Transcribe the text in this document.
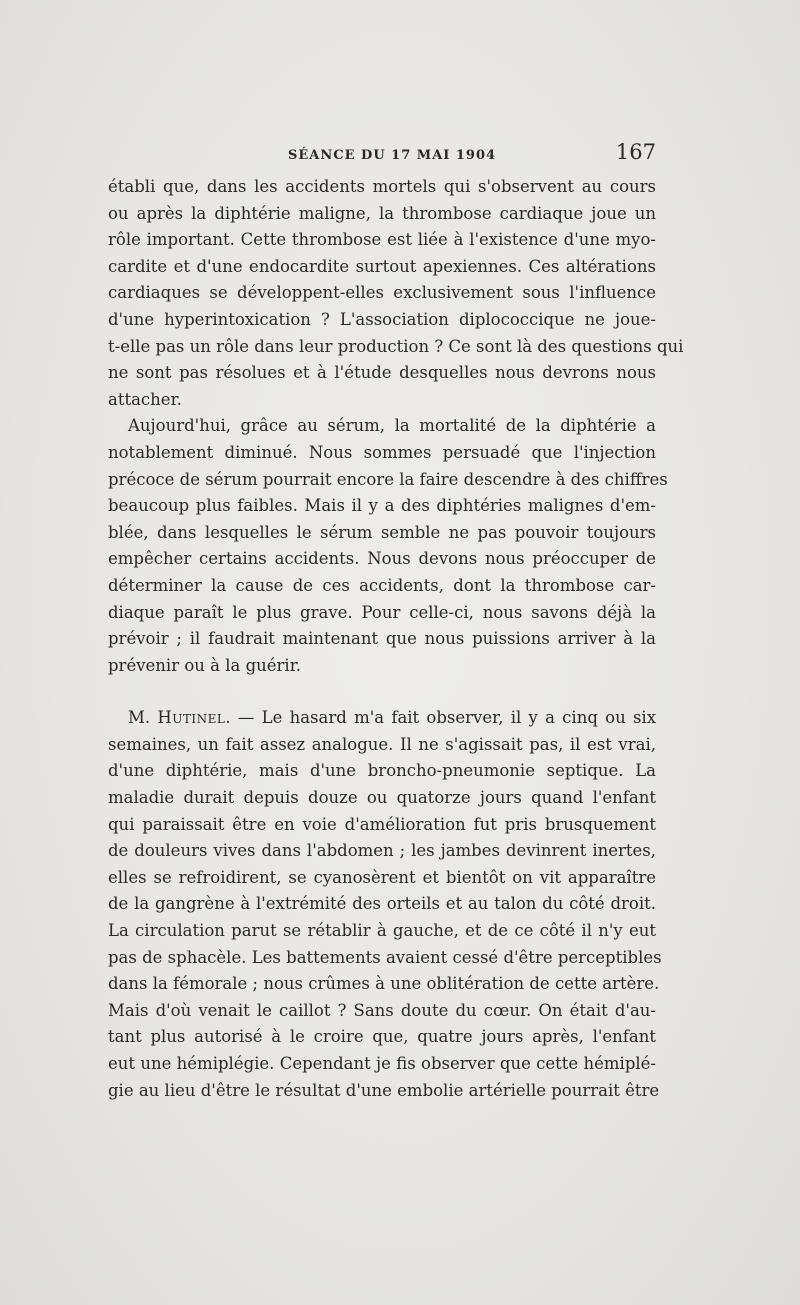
SÉANCE DU 17 MAI 1904	167
établi que, dans les accidents mortels qui s'observent au cours
ou après la diphtérie maligne, la thrombose cardiaque joue un
rôle important. Cette thrombose est liée à l'existence d'une myo-
cardite et d'une endocardite surtout apexiennes. Ces altérations
cardiaques se développent-elles exclusivement sous l'influence
d'une hyperintoxication ? L'association diplococcique ne joue-
t-elle pas un rôle dans leur production ? Ce sont là des questions qui
ne sont pas résolues et à l'étude desquelles nous devrons nous
attacher.
Aujourd'hui, grâce au sérum, la mortalité de la diphtérie a
notablement diminué. Nous sommes persuadé que l'injection
précoce de sérum pourrait encore la faire descendre à des chiffres
beaucoup plus faibles. Mais il y a des diphtéries malignes d'em-
blée, dans lesquelles le sérum semble ne pas pouvoir toujours
empêcher certains accidents. Nous devons nous préoccuper de
déterminer la cause de ces accidents, dont la thrombose car-
diaque paraît le plus grave. Pour celle-ci, nous savons déjà la
prévoir ; il faudrait maintenant que nous puissions arriver à la
prévenir ou à la guérir.
M. Hutinel. — Le hasard m'a fait observer, il y a cinq ou six
semaines, un fait assez analogue. Il ne s'agissait pas, il est vrai,
d'une diphtérie, mais d'une broncho-pneumonie septique. La
maladie durait depuis douze ou quatorze jours quand l'enfant
qui paraissait être en voie d'amélioration fut pris brusquement
de douleurs vives dans l'abdomen ; les jambes devinrent inertes,
elles se refroidirent, se cyanosèrent et bientôt on vit apparaître
de la gangrène à l'extrémité des orteils et au talon du côté droit.
La circulation parut se rétablir à gauche, et de ce côté il n'y eut
pas de sphacèle. Les battements avaient cessé d'être perceptibles
dans la fémorale ; nous crûmes à une oblitération de cette artère.
Mais d'où venait le caillot ? Sans doute du cœur. On était d'au-
tant plus autorisé à le croire que, quatre jours après, l'enfant
eut une hémiplégie. Cependant je fis observer que cette hémiplé-
gie au lieu d'être le résultat d'une embolie artérielle pourrait être
